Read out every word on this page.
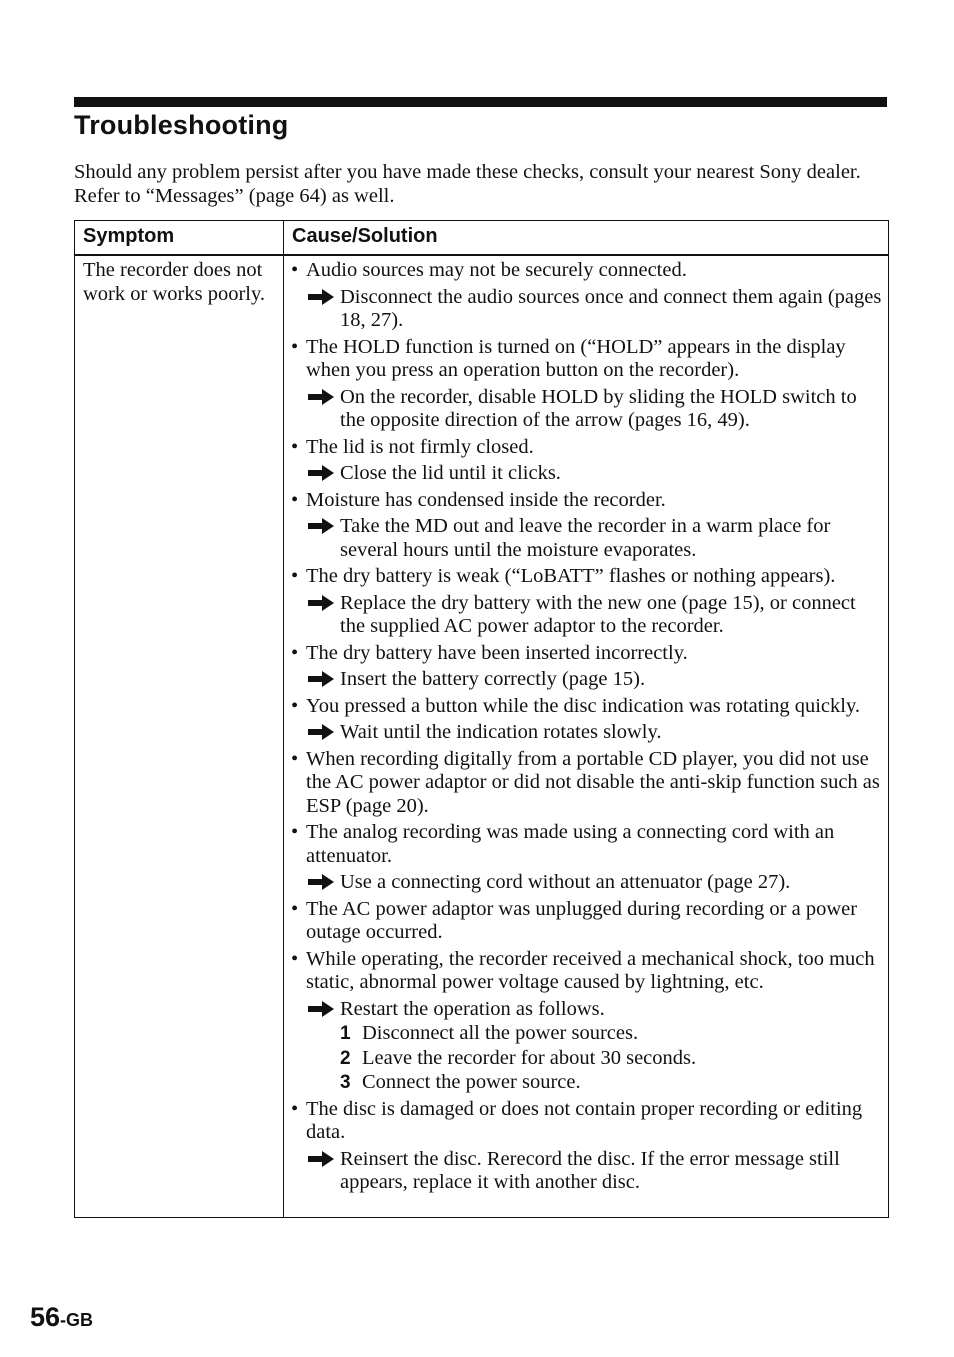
Troubleshooting

Should any problem persist after you have made these checks, consult your nearest Sony dealer. Refer to “Messages” (page 64) as well.

Symptom	Cause/Solution
The recorder does not work or works poorly.
• Audio sources may not be securely connected.
Disconnect the audio sources once and connect them again (pages 18, 27).
• The HOLD function is turned on (“HOLD” appears in the display when you press an operation button on the recorder).
On the recorder, disable HOLD by sliding the HOLD switch to the opposite direction of the arrow (pages 16, 49).
• The lid is not firmly closed.
Close the lid until it clicks.
• Moisture has condensed inside the recorder.
Take the MD out and leave the recorder in a warm place for several hours until the moisture evaporates.
• The dry battery is weak (“LoBATT” flashes or nothing appears).
Replace the dry battery with the new one (page 15), or connect the supplied AC power adaptor to the recorder.
• The dry battery have been inserted incorrectly.
Insert the battery correctly (page 15).
• You pressed a button while the disc indication was rotating quickly.
Wait until the indication rotates slowly.
• When recording digitally from a portable CD player, you did not use the AC power adaptor or did not disable the anti-skip function such as ESP (page 20).
• The analog recording was made using a connecting cord with an attenuator.
Use a connecting cord without an attenuator (page 27).
• The AC power adaptor was unplugged during recording or a power outage occurred.
• While operating, the recorder received a mechanical shock, too much static, abnormal power voltage caused by lightning, etc.
Restart the operation as follows.
1 Disconnect all the power sources.
2 Leave the recorder for about 30 seconds.
3 Connect the power source.
• The disc is damaged or does not contain proper recording or editing data.
Reinsert the disc. Rerecord the disc. If the error message still appears, replace it with another disc.
56-GB
